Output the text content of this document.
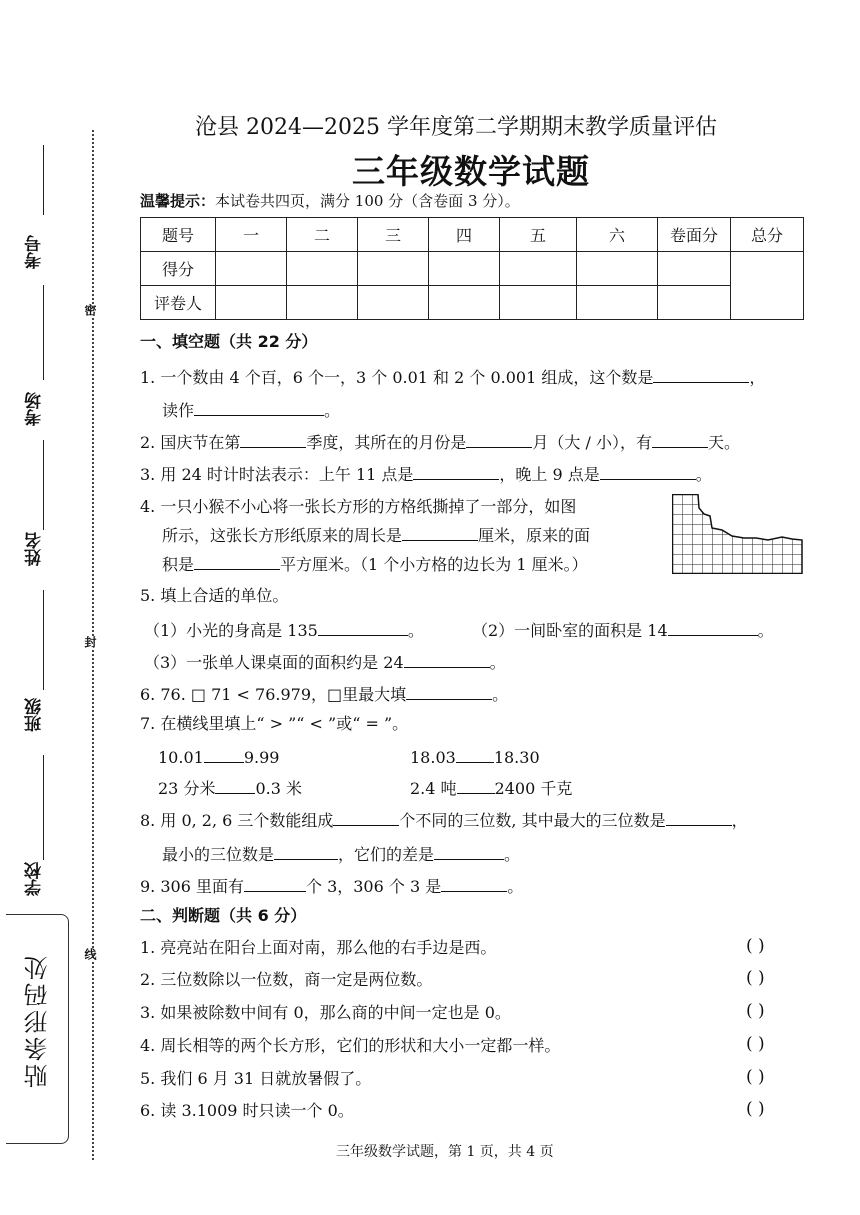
考号
考场
姓名
班级
学校
密
封
线
贴条形码处
沧县 2024—2025 学年度第二学期期末教学质量评估
三年级数学试题
温馨提示：本试卷共四页，满分 100 分（含卷面 3 分）。
题号	一	二	三	四	五	六	卷面分	总分
得分								
评卷人								
一、填空题（共 22 分）
1. 一个数由 4 个百，6 个一，3 个 0.01 和 2 个 0.001 组成，这个数是	，
读作	。
2. 国庆节在第	季度，其所在的月份是	月（大 / 小），有	天。
3. 用 24 时计时法表示：上午 11 点是	，晚上 9 点是	。
4. 一只小猴不小心将一张长方形的方格纸撕掉了一部分，如图
所示，这张长方形纸原来的周长是	厘米，原来的面
积是	平方厘米。（1 个小方格的边长为 1 厘米。）
5. 填上合适的单位。
（1）小光的身高是 135	。	（2）一间卧室的面积是 14	。
（3）一张单人课桌面的面积约是 24	。
6. 76. □ 71 < 76.979，□里最大填	。
7. 在横线里填上“ > ”“ < ”或“ = ”。
10.01	9.99	18.03 18.30
23 分米	0.3 米	2.4 吨 2400 千克
8. 用 0, 2, 6 三个数能组成	个不同的三位数, 其中最大的三位数是	，
最小的三位数是	，它们的差是	。
9. 306 里面有	个 3，306 个 3 是	。
二、判断题（共 6 分）
1. 亮亮站在阳台上面对南，那么他的右手边是西。	( )
2. 三位数除以一位数，商一定是两位数。	( )
3. 如果被除数中间有 0，那么商的中间一定也是 0。	( )
4. 周长相等的两个长方形，它们的形状和大小一定都一样。	( )
5. 我们 6 月 31 日就放暑假了。	( )
6. 读 3.1009 时只读一个 0。	( )
三年级数学试题，第 1 页，共 4 页
